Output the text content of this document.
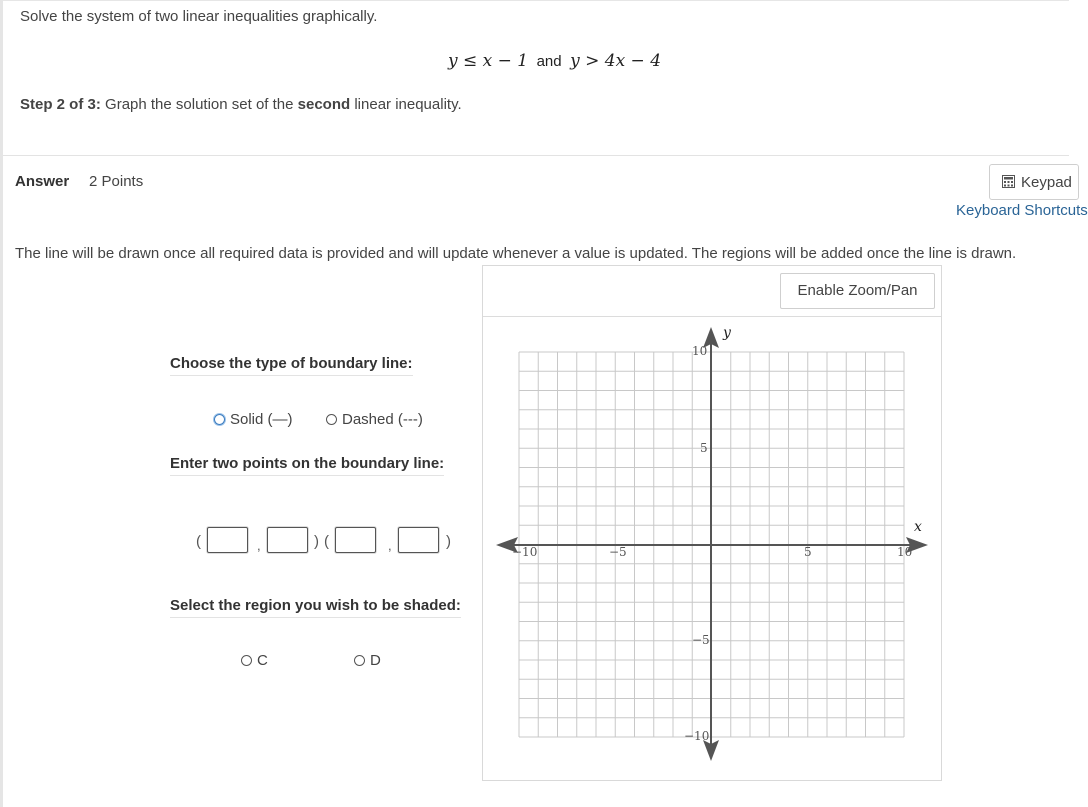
Solve the system of two linear inequalities graphically.
y ≤ x − 1 and y > 4x − 4
Step 2 of 3: Graph the solution set of the second linear inequality.
Answer 2 Points	Keypad
Keyboard Shortcuts
The line will be drawn once all required data is provided and will update whenever a value is updated. The regions will be added once the line is drawn.
Enable Zoom/Pan
Choose the type of boundary line:
Solid (—)	Dashed (---)
Enter two points on the boundary line:
(	,	) (	,	)
Select the region you wish to be shaded:
C	D
x
y
−10	−5	5	10
10
5
−5
−10
